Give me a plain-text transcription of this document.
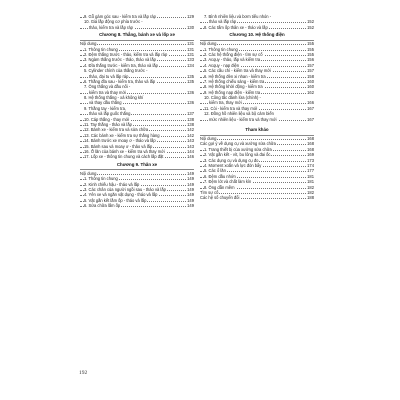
9. Gỗ gàm góc sau - kiểm tra và lắp ráp	129
10. Giá lắp động cơ phía trước -
thảo, kiểm tra và lắp ráp	130
Chương 8. Thắng, bánh xe và lốp xe
Nội dung	131
1. Thông tin chung	131
2. Đệm thắng trước - thảo, kiểm tra và lắp ráp	131
3. Ngàm thắng trước - thảo, tháo và lắp	133
4. Đĩa thắng trước - kiểm tra, tháo và lắp	134
5. Cylinder chính của thắng trước -
thảo, đại tu và lắp ráp	135
6. Thắng đĩa sau - kiểm tra, thảo và lắp	135
7. Ống thắng và đầu nối -
kiểm tra và thay mới	136
8. Hệ thống thắng - xả không khí
và thay dầu thắng	136
9. Thắng tay - kiểm tra,
tháo và lắp guốc thắng	137
10. Cáp thắng - thay mới	138
11. Tay thắng - thảo và lắp	138
12. Bánh xe - kiểm tra và sửa chữa	142
13. Các bánh xe - kiểm tra sự thẳng hàng	142
14. Bánh trước xe moay ơ - tháo và lắp	143
15. Bánh sau và moay ơ - thảo và lắp	143
16. Ổ lăn của bánh xe - kiểm tra và thay mới	144
17. Lốp xe - thông tin chung và cách lắp đặt	146
Chương 9. Thân xe
Nội dung	149
1. Thông tin chung	149
2. Kinh chiếu hậu - tháo và lắp	149
3. Các chân của người ngồi sau - tháo và lắp	149
4. Yên xe và ngăn vật dụng - tháo và lắp	149
5. Vật gắn kết lắm ốp - tháo và lắp	149
6. Sửa chữa lắm ốp	149
7. Bình nhiên liệu và bơm tiếu nhón -
tháo và lắp ráp	152
8. Các tấm ốp thân xe - tháo và lắp	152
Chương 10. Hệ thống điện
Nội dung	155
1. Thông tin chung	155
2. Các hệ thống điện - tìm sự cố	155
3. Acquy - thảo, lắp và kiểm tra	156
4. Acquy - nạp điện	157
5. Các cầu chì - kiểm tra và thay mới	157
6. Hệ thống đèn xi nhan - kiểm tra	158
7. Hệ thống chiếu sáng - kiểm tra	160
8. Hệ thống khởi động - kiểm tra	160
9. Hệ thống nạp điện - kiểm tra	162
10. Công tắc đánh lửa (chính) -
kiểm tra, thay mới	166
11. Còi - kiểm tra và thay mới	167
12. Đồng hồ nhiên liệu và bộ cảm biến
mức nhiên liệu - kiểm tra và thay mới	167
Tham khảo
Nội dung	168
Các gợi ý về dụng cụ và xưởng sửa chữa	168
1. Trang thiết bị của xưởng sửa chữa	168
2. Vật gắn kết - vít, bu lông và đai ốc	169
3. Các dụng cụ và dụng cụ đo	173
4. Moment xoắn và lực đòn bẩy	174
5. Các ổ lăn	177
6. Đệm dầu nhớn	181
7. Đệm lót và chất làm kín	181
8. Ống dẫn mềm	182
Tìm sự cố	182
Các hệ số chuyển đổi	188
192
